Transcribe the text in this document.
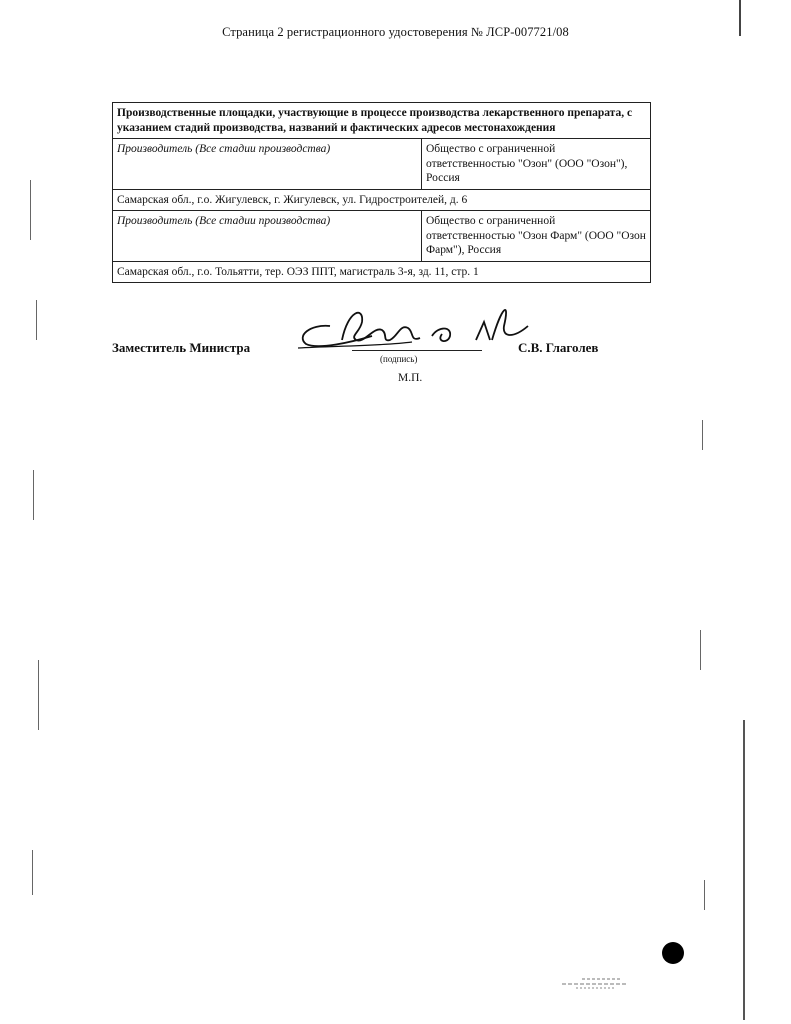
Страница 2 регистрационного удостоверения № ЛСР-007721/08
Производственные площадки, участвующие в процессе производства лекарственного препарата, с указанием стадий производства, названий и фактических адресов местонахождения	
Производитель (Все стадии производства)	Общество с ограниченной ответственностью "Озон" (ООО "Озон"), Россия
Самарская обл., г.о. Жигулевск, г. Жигулевск, ул. Гидростроителей, д. 6	
Производитель (Все стадии производства)	Общество с ограниченной ответственностью "Озон Фарм" (ООО "Озон Фарм"), Россия
Самарская обл., г.о. Тольятти, тер. ОЭЗ ППТ, магистраль 3-я, зд. 11, стр. 1	
Заместитель Министра
(подпись)
С.В. Глаголев
М.П.
